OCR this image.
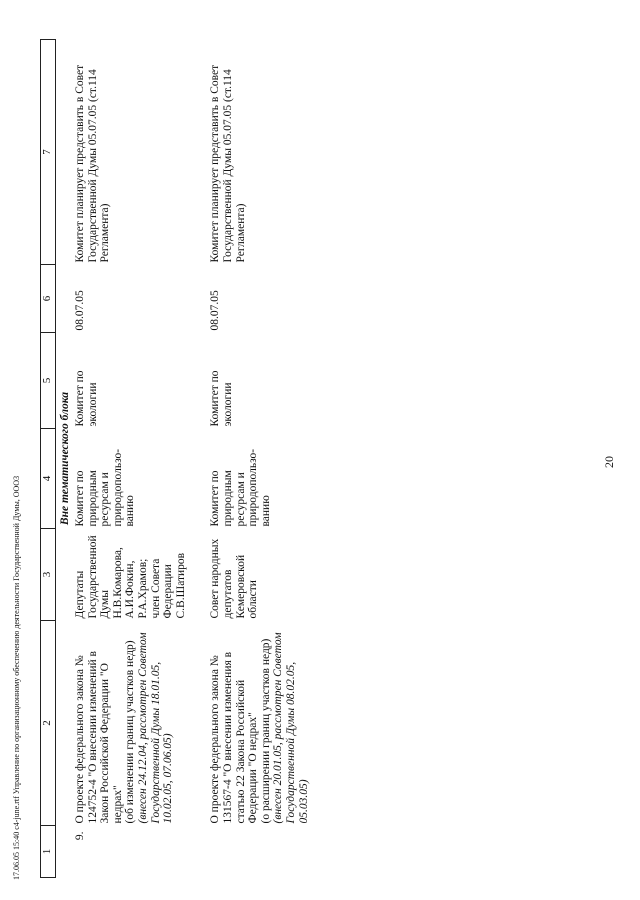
17.06.05 15:40 c4-june.rtf Управление по организационному обеспечению деятельности Государственной Думы, ООО3
20
1	2	3	4	5	6	7
Вне тематического блока						
9.	О проекте федерального закона № 124752-4 "О внесении изменений в Закон Российской Федерации "О недрах" (об изменении границ участков недр) (внесен 24.12.04, рассмотрен Советом Государственной Думы 18.01.05, 10.02.05, 07.06.05)	Депутаты Государственной Думы Н.В.Комарова, А.И.Фокин, Р.А.Храмов; член Совета Федерации С.В.Шатиров	Комитет по природным ресурсам и природопользо-ванию	Комитет по экологии	08.07.05	Комитет планирует представить в Совет Государственной Думы 05.07.05 (ст.114 Регламента)

	О проекте федерального закона № 131567-4 "О внесении изменения в статью 22 Закона Российской Федерации "О недрах" (о расширении границ участков недр) (внесен 20.01.05, рассмотрен Советом Государственной Думы 08.02.05, 05.03.05)	Совет народных депутатов Кемеровской области	Комитет по природным ресурсам и природопользо-ванию	Комитет по экологии	08.07.05	Комитет планирует представить в Совет Государственной Думы 05.07.05 (ст.114 Регламента)
